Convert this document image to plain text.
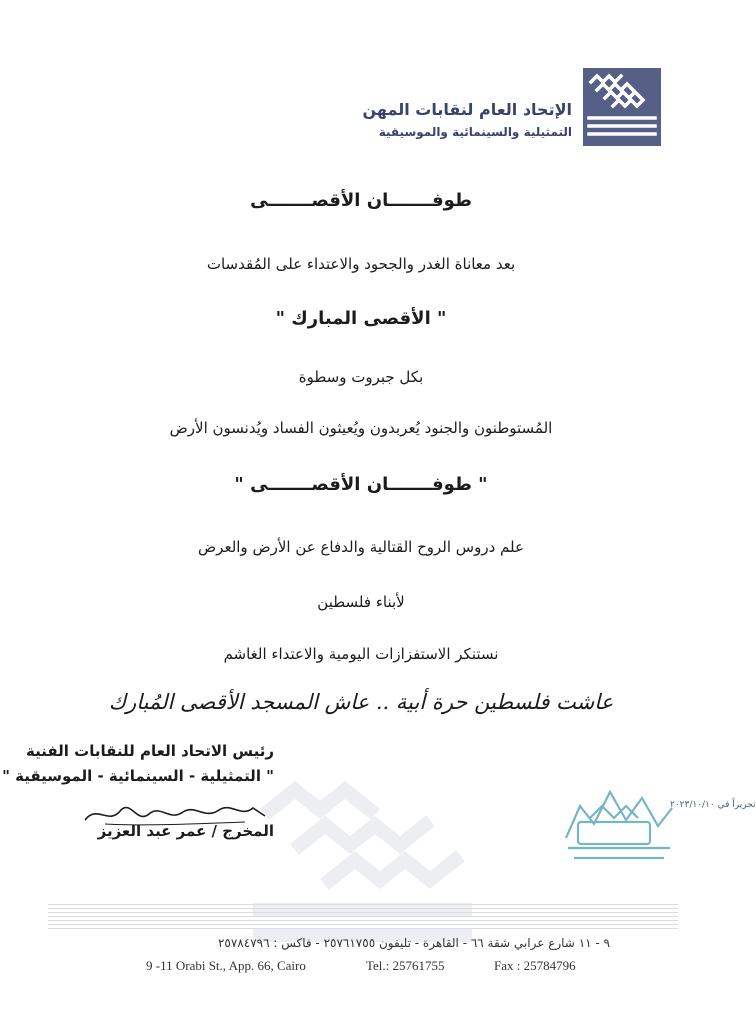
الإتحاد العام لنقابات المهن
التمثيلية والسينمائية والموسيقية
طوفـــــــان الأقصـــــــى
بعد معاناة الغدر والجحود والاعتداء على المُقدسات
" الأقصى المبارك "
بكل جبروت وسطوة
المُستوطنون والجنود يُعربدون ويُعيثون الفساد ويُدنسون الأرض
" طوفـــــــان الأقصـــــــى "
علم دروس الروح القتالية والدفاع عن الأرض والعرض
لأبناء فلسطين
نستنكر الاستفزازات اليومية والاعتداء الغاشم
عاشت فلسطين حرة أبية .. عاش المسجد الأقصى المُبارك
رئيس الاتحاد العام للنقابات الفنية
" التمثيلية - السينمائية - الموسيقية "
المخرج / عمر عبد العزيز
تحريراً في ٢٠٢٣/١٠/١٠
٩ - ١١ شارع عرابي شقة ٦٦ - القاهرة - تليفون ٢٥٧٦١٧٥٥ - فاكس : ٢٥٧٨٤٧٩٦
9 -11 Orabi St., App. 66, Cairo	Tel.: 25761755	Fax : 25784796
